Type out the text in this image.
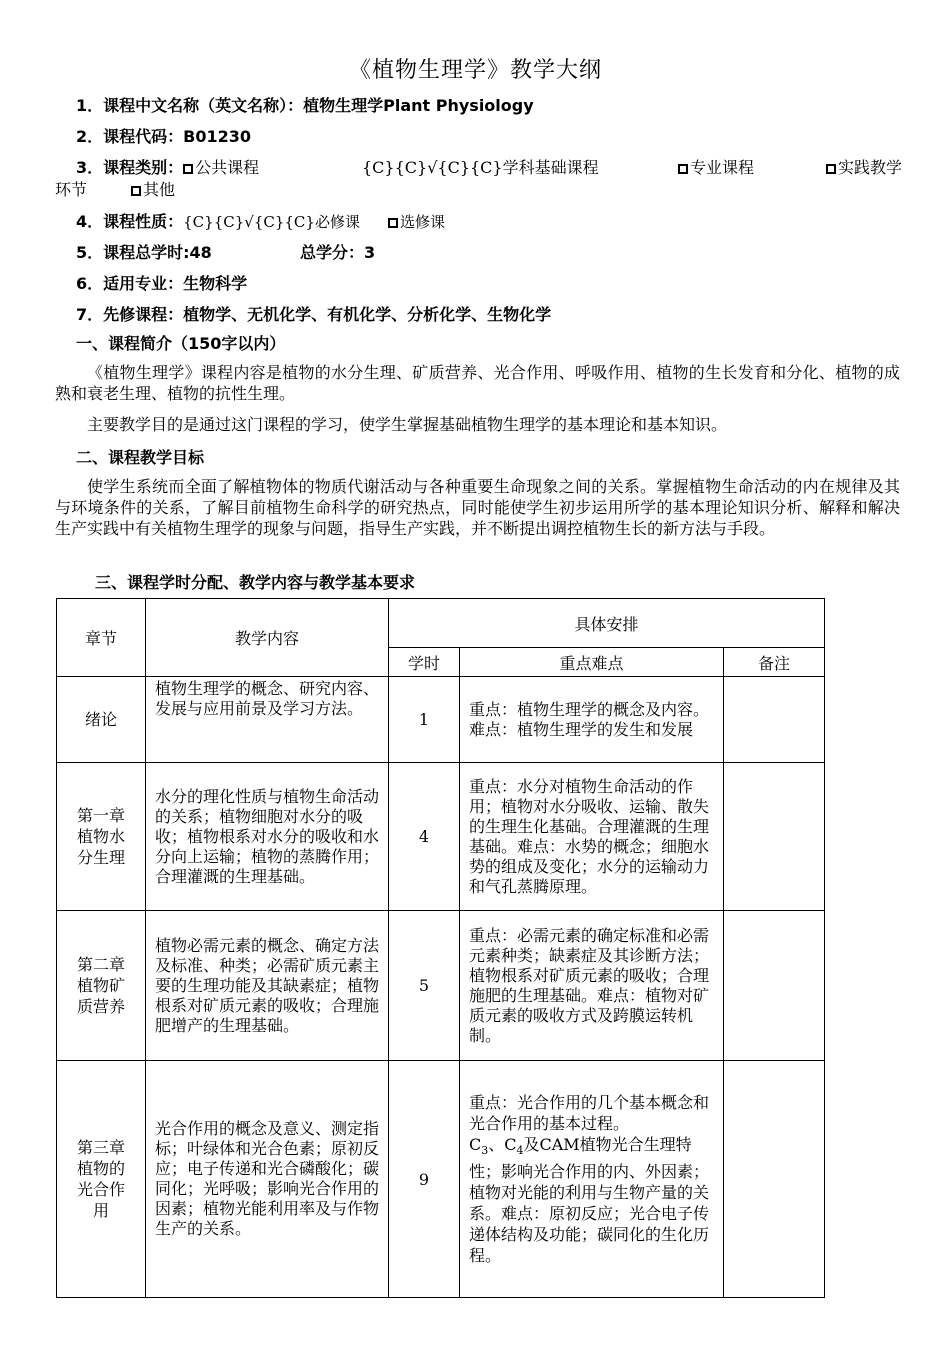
《植物生理学》教学大纲
1．课程中文名称（英文名称）：植物生理学Plant Physiology
2．课程代码：B01230
3．课程类别： 公共课程	{C}{C}√{C}{C}学科基础课程	专业课程	实践教学
环节	其他
4．课程性质：{C}{C}√{C}{C}必修课	选修课
5．课程总学时:48	总学分：3
6．适用专业：生物科学
7．先修课程：植物学、无机化学、有机化学、分析化学、生物化学
一、课程简介（150字以内）
《植物生理学》课程内容是植物的水分生理、矿质营养、光合作用、呼吸作用、植物的生长发育和分化、植物的成熟和衰老生理、植物的抗性生理。
主要教学目的是通过这门课程的学习，使学生掌握基础植物生理学的基本理论和基本知识。
二、课程教学目标
使学生系统而全面了解植物体的物质代谢活动与各种重要生命现象之间的关系。掌握植物生命活动的内在规律及其与环境条件的关系，了解目前植物生命科学的研究热点，同时能使学生初步运用所学的基本理论知识分析、解释和解决生产实践中有关植物生理学的现象与问题，指导生产实践，并不断提出调控植物生长的新方法与手段。
三、课程学时分配、教学内容与教学基本要求
章节	教学内容	具体安排		
		学时	重点难点	备注
绪论	植物生理学的概念、研究内容、发展与应用前景及学习方法。	1	重点：植物生理学的概念及内容。难点：植物生理学的发生和发展	

第一章植物水分生理	水分的理化性质与植物生命活动的关系；植物细胞对水分的吸收；植物根系对水分的吸收和水分向上运输；植物的蒸腾作用；合理灌溉的生理基础。	4	重点：水分对植物生命活动的作用；植物对水分吸收、运输、散失的生理生化基础。合理灌溉的生理基础。难点：水势的概念；细胞水势的组成及变化；水分的运输动力和气孔蒸腾原理。	

第二章植物矿质营养	植物必需元素的概念、确定方法及标准、种类；必需矿质元素主要的生理功能及其缺素症；植物根系对矿质元素的吸收；合理施肥增产的生理基础。	5	重点：必需元素的确定标准和必需元素种类；缺素症及其诊断方法；植物根系对矿质元素的吸收；合理施肥的生理基础。难点：植物对矿质元素的吸收方式及跨膜运转机制。	

第三章植物的光合作用	光合作用的概念及意义、测定指标；叶绿体和光合色素；原初反应；电子传递和光合磷酸化；碳同化；光呼吸；影响光合作用的因素；植物光能利用率及与作物生产的关系。	9	重点：光合作用的几个基本概念和光合作用的基本过程。
$C_3$、$C_4$及CAM植物光合生理特性；影响光合作用的内、外因素；植物对光能的利用与生物产量的关系。难点：原初反应；光合电子传递体结构及功能；碳同化的生化历程。	
